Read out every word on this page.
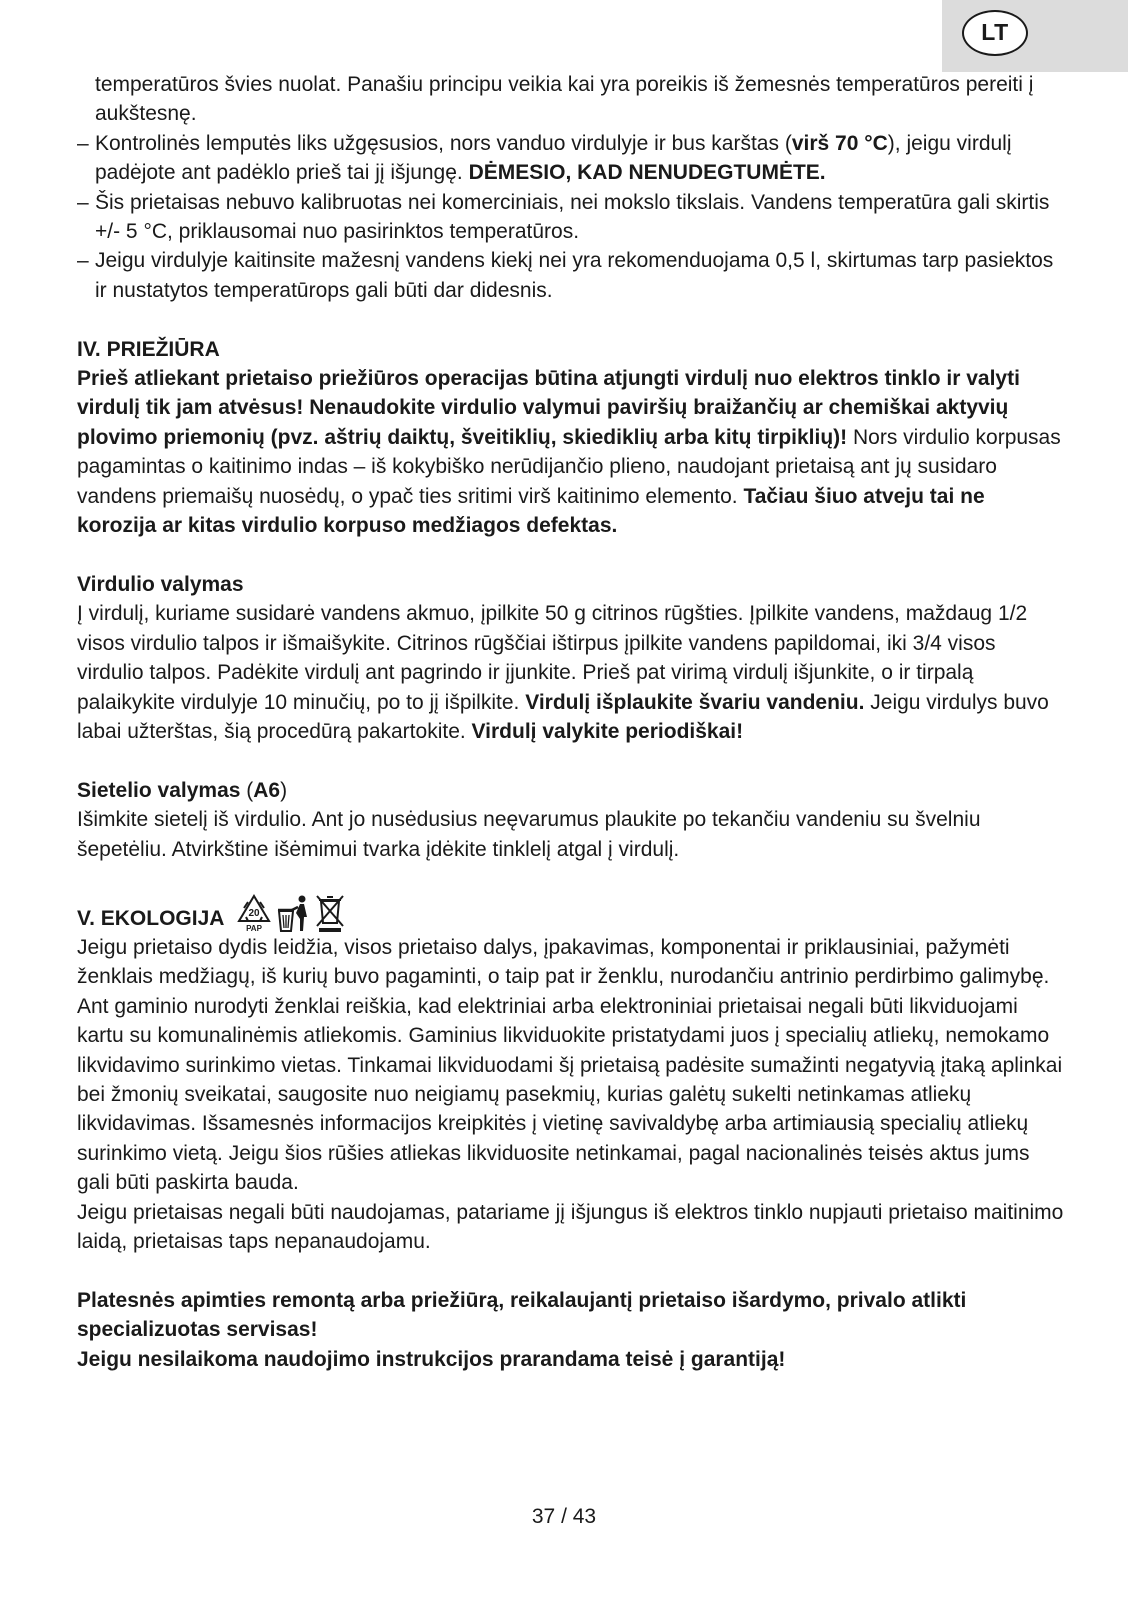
LT

temperatūros švies nuolat. Panašiu principu veikia kai yra poreikis iš žemesnės temperatūros pereiti į aukštesnę.

– Kontrolinės lemputės liks užgęsusios, nors vanduo virdulyje ir bus karštas (virš 70 °C), jeigu virdulį padėjote ant padėklo prieš tai jį išjungę. DĖMESIO, KAD NENUDEGTUMĖTE.

– Šis prietaisas nebuvo kalibruotas nei komerciniais, nei mokslo tikslais. Vandens temperatūra gali skirtis +/- 5 °C, priklausomai nuo pasirinktos temperatūros.

– Jeigu virdulyje kaitinsite mažesnį vandens kiekį nei yra rekomenduojama 0,5 l, skirtumas tarp pasiektos ir nustatytos temperatūrops gali būti dar didesnis.

IV. PRIEŽIŪRA

Prieš atliekant prietaiso priežiūros operacijas būtina atjungti virdulį nuo elektros tinklo ir valyti virdulį tik jam atvėsus! Nenaudokite virdulio valymui paviršių braižančių ar chemiškai aktyvių plovimo priemonių (pvz. aštrių daiktų, šveitiklių, skiediklių arba kitų tirpiklių)! Nors virdulio korpusas pagamintas o kaitinimo indas – iš kokybiško nerūdijančio plieno, naudojant prietaisą ant jų susidaro vandens priemaišų nuosėdų, o ypač ties sritimi virš kaitinimo elemento. Tačiau šiuo atveju tai ne korozija ar kitas virdulio korpuso medžiagos defektas.

Virdulio valymas

Į virdulį, kuriame susidarė vandens akmuo, įpilkite 50 g citrinos rūgšties. Įpilkite vandens, maždaug 1/2 visos virdulio talpos ir išmaišykite. Citrinos rūgščiai ištirpus įpilkite vandens papildomai, iki 3/4 visos virdulio talpos. Padėkite virdulį ant pagrindo ir įjunkite. Prieš pat virimą virdulį išjunkite, o ir tirpalą palaikykite virdulyje 10 minučių, po to jį išpilkite. Virdulį išplaukite švariu vandeniu. Jeigu virdulys buvo labai užterštas, šią procedūrą pakartokite. Virdulį valykite periodiškai!

Sietelio valymas (A6)

Išimkite sietelį iš virdulio. Ant jo nusėdusius neęvarumus plaukite po tekančiu vandeniu su švelniu šepetėliu. Atvirkštine išėmimui tvarka įdėkite tinklelį atgal į virdulį.

V. EKOLOGIJA 20
PAP

Jeigu prietaiso dydis leidžia, visos prietaiso dalys, įpakavimas, komponentai ir priklausiniai, pažymėti ženklais medžiagų, iš kurių buvo pagaminti, o taip pat ir ženklu, nurodančiu antrinio perdirbimo galimybę. Ant gaminio nurodyti ženklai reiškia, kad elektriniai arba elektroniniai prietaisai negali būti likviduojami kartu su komunalinėmis atliekomis. Gaminius likviduokite pristatydami juos į specialių atliekų, nemokamo likvidavimo surinkimo vietas. Tinkamai likviduodami šį prietaisą padėsite sumažinti negatyvią įtaką aplinkai bei žmonių sveikatai, saugosite nuo neigiamų pasekmių, kurias galėtų sukelti netinkamas atliekų likvidavimas. Išsamesnės informacijos kreipkitės į vietinę savivaldybę arba artimiausią specialių atliekų surinkimo vietą. Jeigu šios rūšies atliekas likviduosite netinkamai, pagal nacionalinės teisės aktus jums gali būti paskirta bauda.

Jeigu prietaisas negali būti naudojamas, patariame jį išjungus iš elektros tinklo nupjauti prietaiso maitinimo laidą, prietaisas taps nepanaudojamu.

Platesnės apimties remontą arba priežiūrą, reikalaujantį prietaiso išardymo, privalo atlikti specializuotas servisas!

Jeigu nesilaikoma naudojimo instrukcijos prarandama teisė į garantiją!

37 / 43
